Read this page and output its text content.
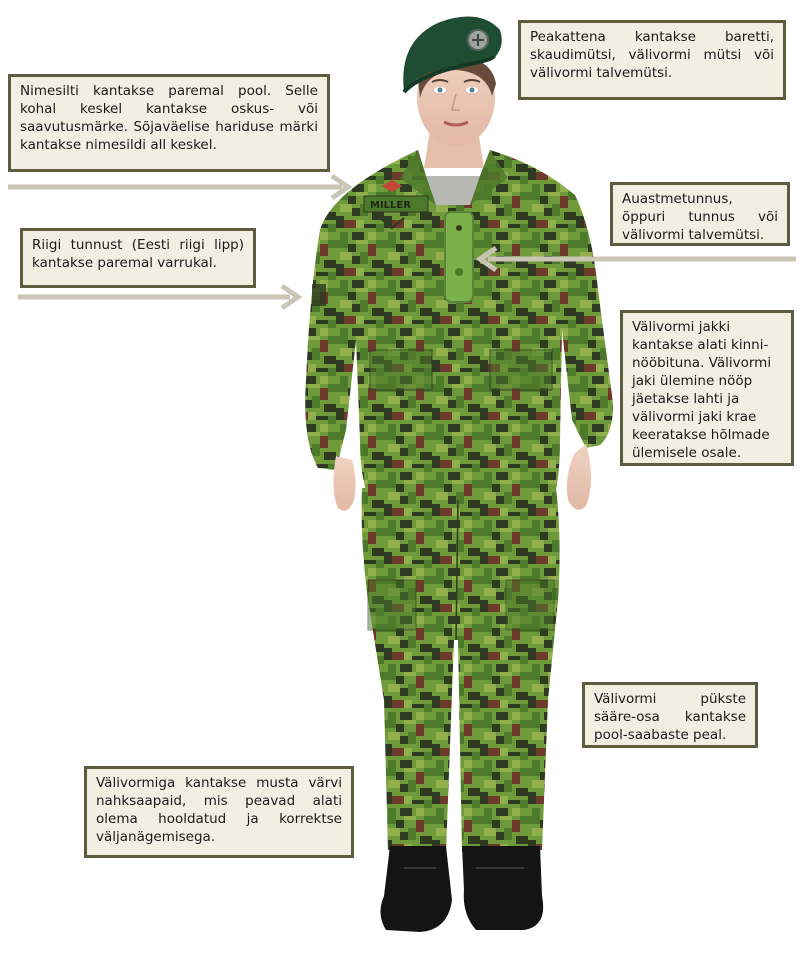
MILLER
Peakattena kantakse baretti, skaudimütsi, välivormi mütsi või välivormi talvemütsi.
Nimesilti kantakse paremal pool. Selle kohal keskel kantakse oskus- või saavutusmärke. Sõjaväelise hariduse märki kantakse nimesildi all keskel.
Auastmetunnus, õppuri tunnus või välivormi talvemütsi.
Riigi tunnust (Eesti riigi lipp) kantakse paremal varrukal.
Välivormi jakki kantakse alati kinni-nööbituna. Välivormi jaki ülemine nööp jäetakse lahti ja välivormi jaki krae keeratakse hõlmade ülemisele osale.
Välivormi pükste sääre-osa kantakse pool-saabaste peal.
Välivormiga kantakse musta värvi nahksaapaid, mis peavad alati olema hooldatud ja korrektse väljanägemisega.
